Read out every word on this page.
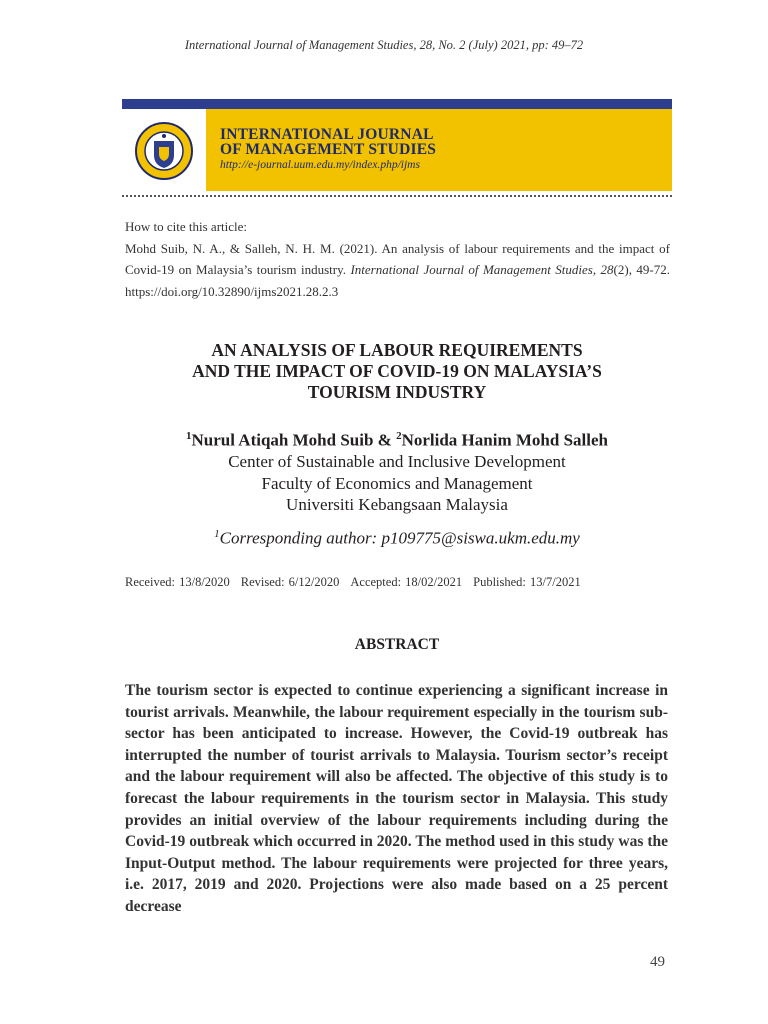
International Journal of Management Studies, 28, No. 2 (July) 2021, pp: 49–72
INTERNATIONAL JOURNAL
OF MANAGEMENT STUDIES
http://e-journal.uum.edu.my/index.php/ijms
How to cite this article:
Mohd Suib, N. A., & Salleh, N. H. M. (2021). An analysis of labour requirements and the impact of Covid-19 on Malaysia’s tourism industry. International Journal of Management Studies, 28(2), 49-72. https://doi.org/10.32890/ijms2021.28.2.3
AN ANALYSIS OF LABOUR REQUIREMENTS
AND THE IMPACT OF COVID-19 ON MALAYSIA’S
TOURISM INDUSTRY
$^1$Nurul Atiqah Mohd Suib & $^2$Norlida Hanim Mohd Salleh
Center of Sustainable and Inclusive Development
Faculty of Economics and Management
Universiti Kebangsaan Malaysia
$^1$Corresponding author: p109775@siswa.ukm.edu.my
Received: 13/8/2020 Revised: 6/12/2020 Accepted: 18/02/2021 Published: 13/7/2021
ABSTRACT
The tourism sector is expected to continue experiencing a significant increase in tourist arrivals. Meanwhile, the labour requirement especially in the tourism sub-sector has been anticipated to increase. However, the Covid-19 outbreak has interrupted the number of tourist arrivals to Malaysia. Tourism sector’s receipt and the labour requirement will also be affected. The objective of this study is to forecast the labour requirements in the tourism sector in Malaysia. This study provides an initial overview of the labour requirements including during the Covid-19 outbreak which occurred in 2020. The method used in this study was the Input-Output method. The labour requirements were projected for three years, i.e. 2017, 2019 and 2020. Projections were also made based on a 25 percent decrease
49
